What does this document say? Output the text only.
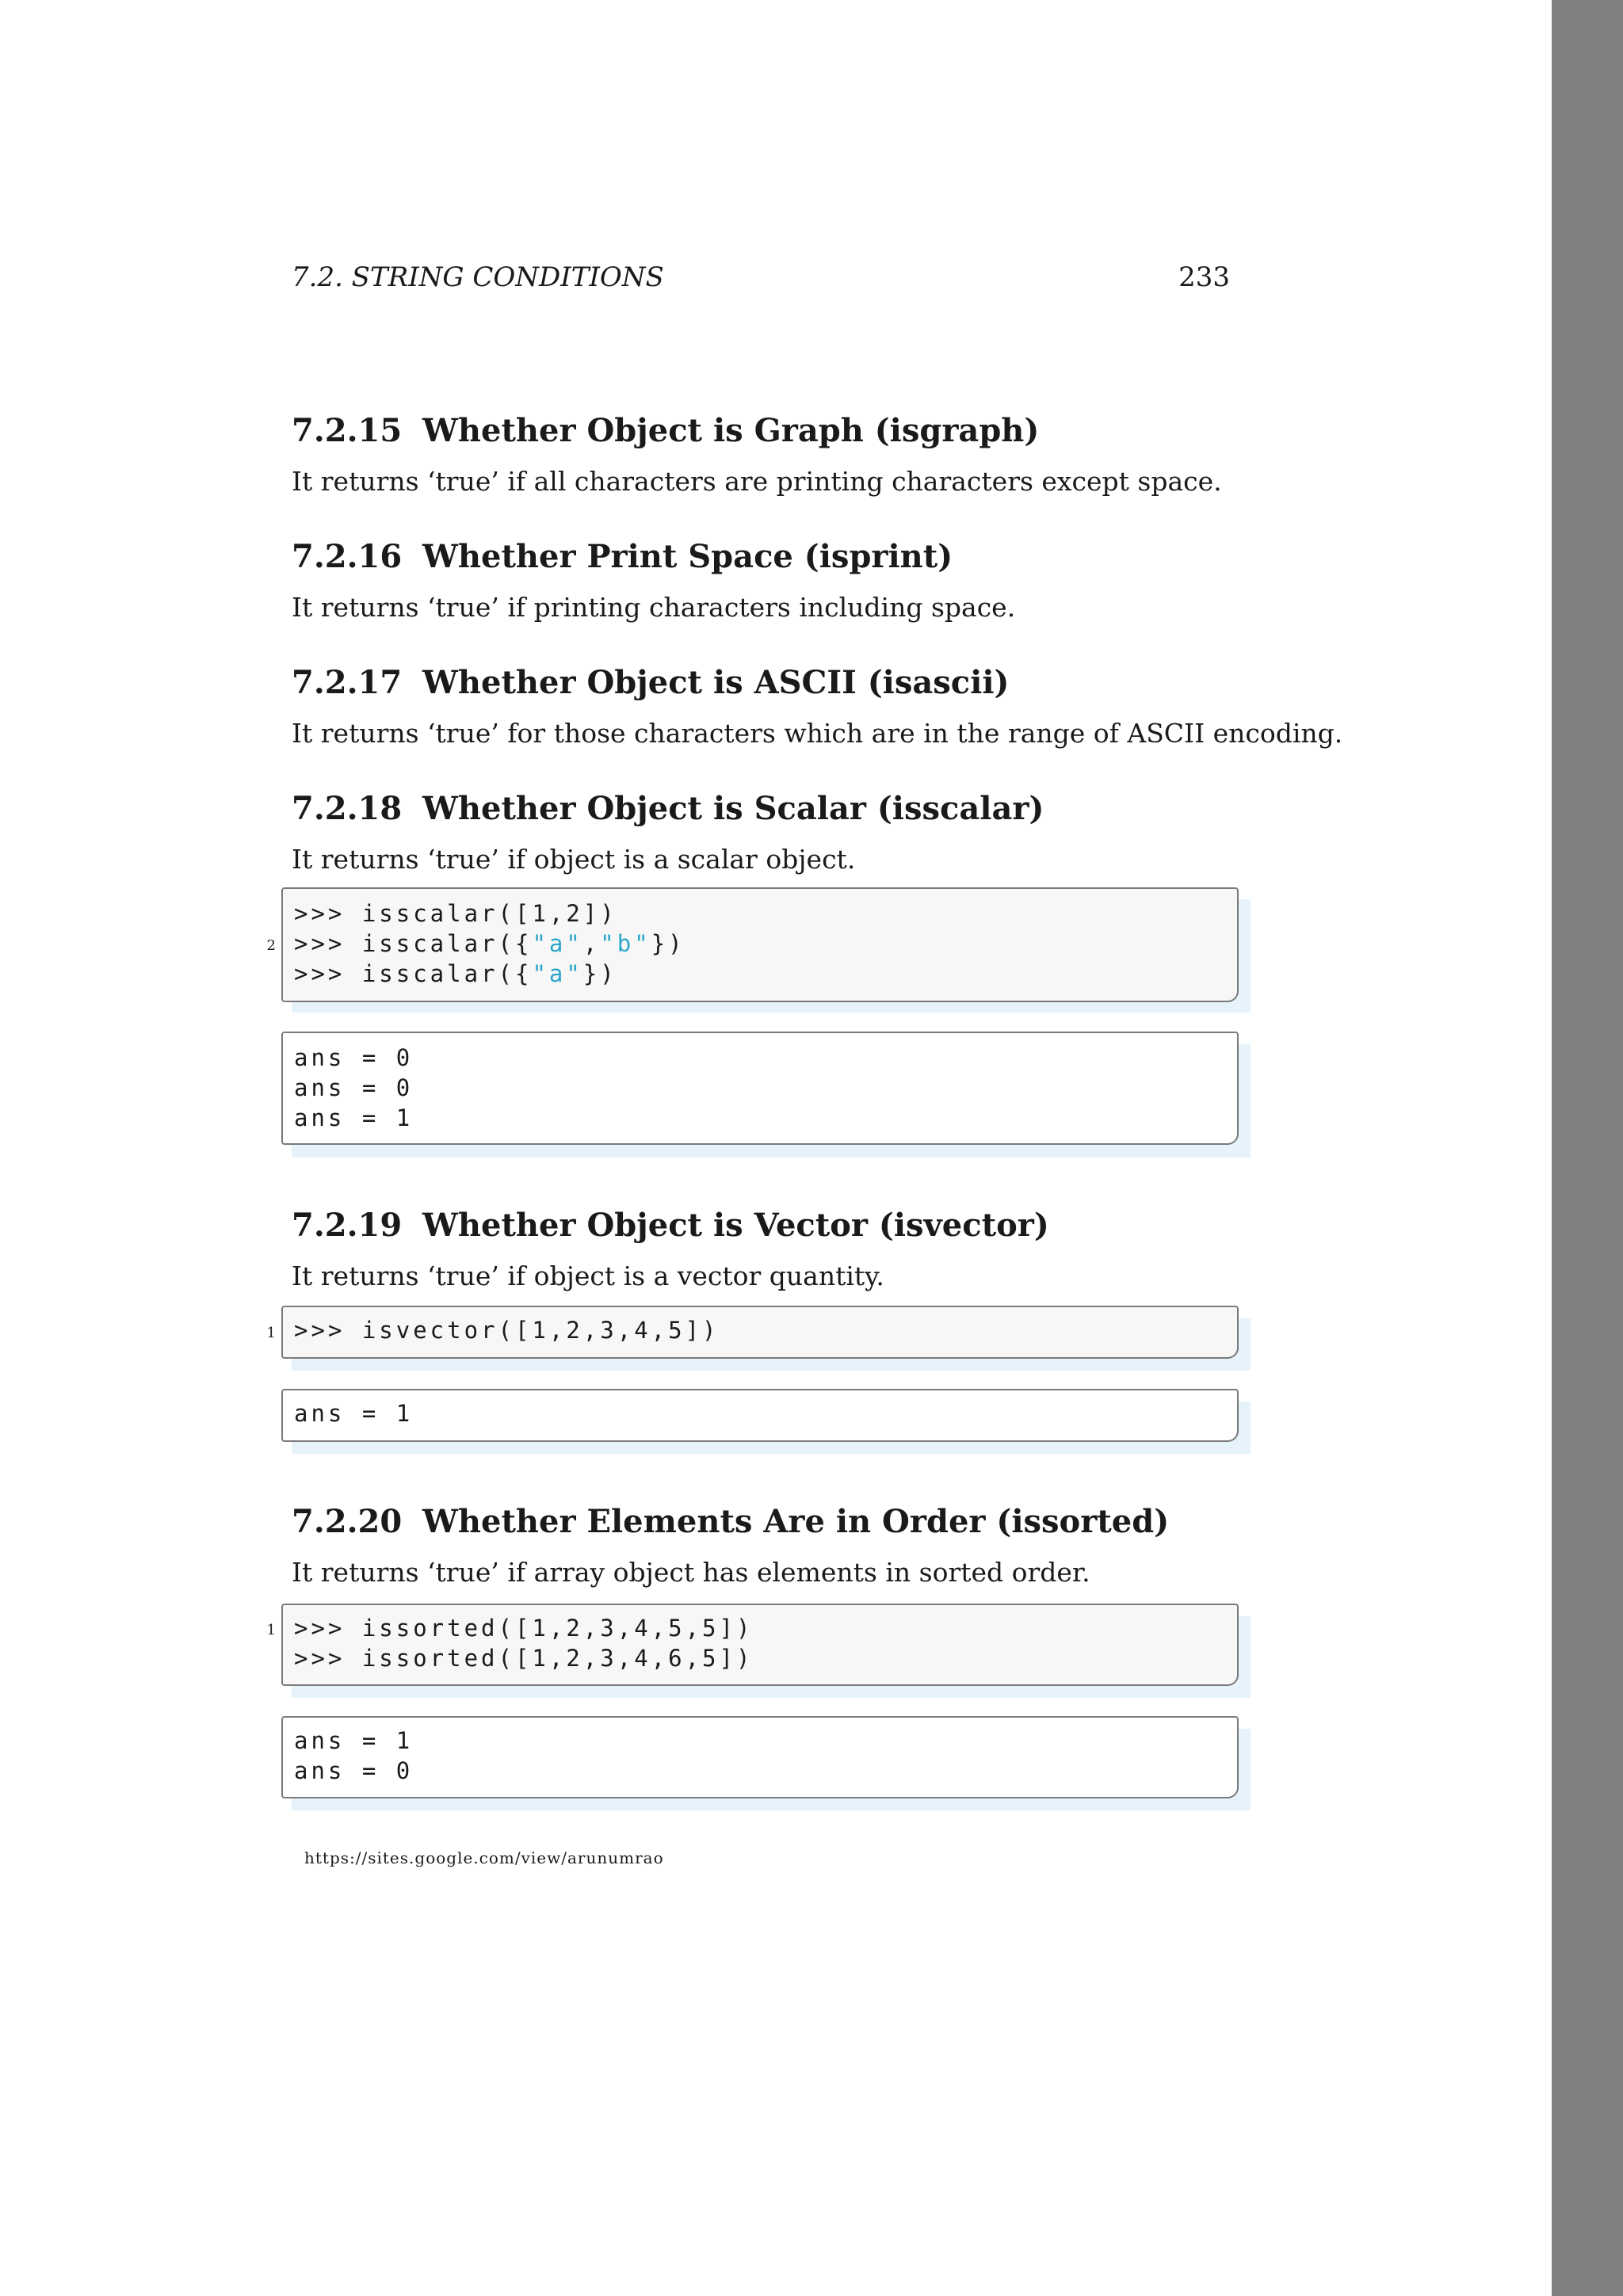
7.2. STRING CONDITIONS	233
7.2.15 Whether Object is Graph (isgraph)
It returns ‘true’ if all characters are printing characters except space.
7.2.16 Whether Print Space (isprint)
It returns ‘true’ if printing characters including space.
7.2.17 Whether Object is ASCII (isascii)
It returns ‘true’ for those characters which are in the range of ASCII encoding.
7.2.18 Whether Object is Scalar (isscalar)
It returns ‘true’ if object is a scalar object.
>>> isscalar([1,2])
>>> isscalar({"a","b"})
>>> isscalar({"a"})
2
ans = 0
ans = 0
ans = 1
7.2.19 Whether Object is Vector (isvector)
It returns ‘true’ if object is a vector quantity.
>>> isvector([1,2,3,4,5])
1
ans = 1
7.2.20 Whether Elements Are in Order (issorted)
It returns ‘true’ if array object has elements in sorted order.
>>> issorted([1,2,3,4,5,5])
>>> issorted([1,2,3,4,6,5])
1
ans = 1
ans = 0
https://sites.google.com/view/arunumrao
